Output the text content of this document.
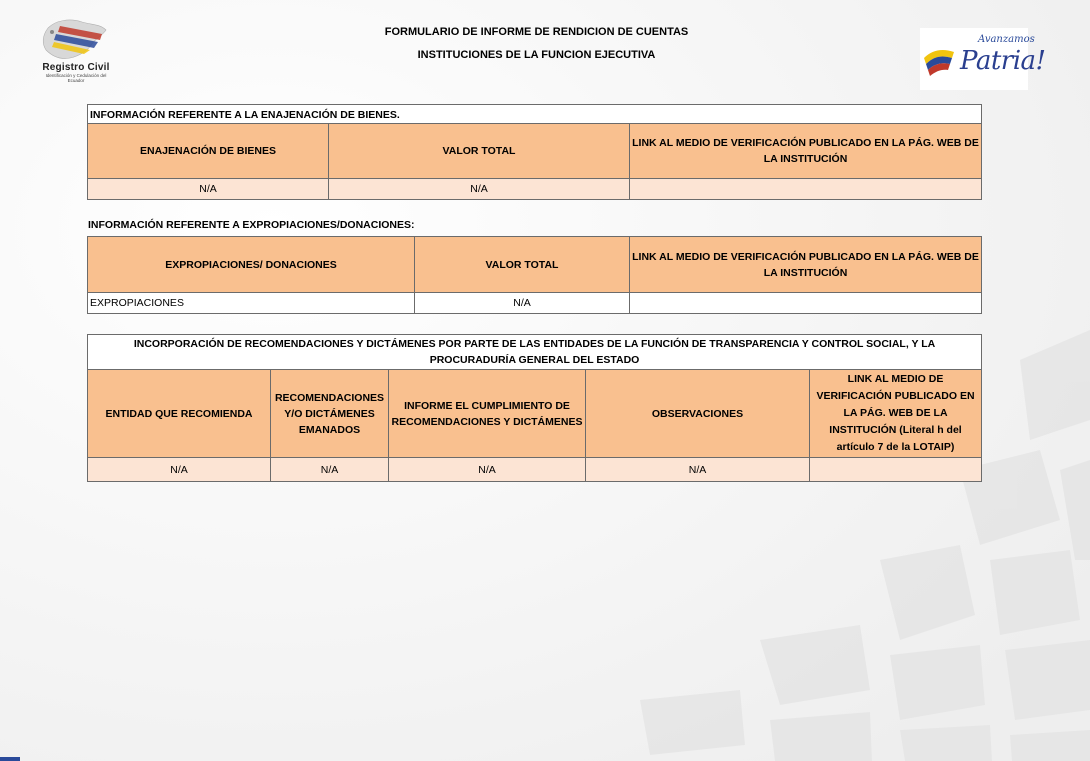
Registro Civil
Identificación y Cedulación del Ecuador
Avanzamos
Patria!
FORMULARIO DE INFORME DE RENDICION DE CUENTAS
INSTITUCIONES DE LA FUNCION EJECUTIVA
INFORMACIÓN REFERENTE A LA ENAJENACIÓN DE BIENES.		
ENAJENACIÓN DE BIENES	VALOR TOTAL	LINK AL MEDIO DE VERIFICACIÓN PUBLICADO EN LA PÁG. WEB DE LA INSTITUCIÓN
N/A	N/A	
INFORMACIÓN REFERENTE A EXPROPIACIONES/DONACIONES:
EXPROPIACIONES/ DONACIONES	VALOR TOTAL	LINK AL MEDIO DE VERIFICACIÓN PUBLICADO EN LA PÁG. WEB DE LA INSTITUCIÓN
EXPROPIACIONES	N/A	
INCORPORACIÓN DE RECOMENDACIONES Y DICTÁMENES POR PARTE DE LAS ENTIDADES DE LA FUNCIÓN DE TRANSPARENCIA Y CONTROL SOCIAL, Y LA PROCURADURÍA GENERAL DEL ESTADO				
ENTIDAD QUE RECOMIENDA	RECOMENDACIONES Y/O DICTÁMENES EMANADOS	INFORME EL CUMPLIMIENTO DE RECOMENDACIONES Y DICTÁMENES	OBSERVACIONES	LINK AL MEDIO DE VERIFICACIÓN PUBLICADO EN LA PÁG. WEB DE LA INSTITUCIÓN (Literal h del artículo 7 de la LOTAIP)
N/A	N/A	N/A	N/A	
